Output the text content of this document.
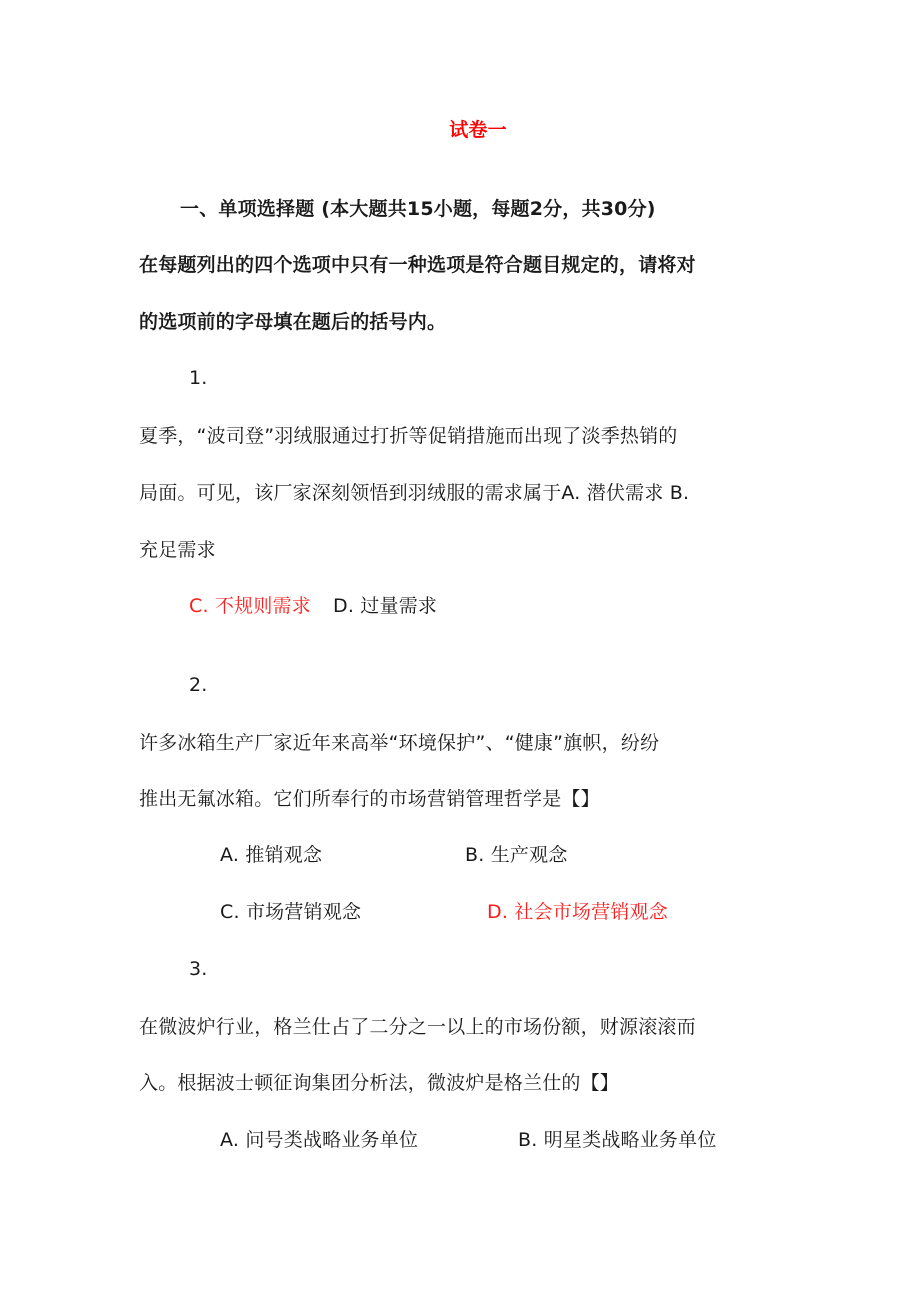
试卷一
一、单项选择题 (本大题共15小题，每题2分，共30分)
在每题列出的四个选项中只有一种选项是符合题目规定的，请将对
的选项前的字母填在题后的括号内。
1.
夏季，“波司登”羽绒服通过打折等促销措施而出现了淡季热销的
局面。可见，该厂家深刻领悟到羽绒服的需求属于A. 潜伏需求 B.
充足需求
C. 不规则需求 D. 过量需求
2.
许多冰箱生产厂家近年来高举“环境保护”、“健康”旗帜，纷纷
推出无氟冰箱。它们所奉行的市场营销管理哲学是【】
A. 推销观念	B. 生产观念
C. 市场营销观念	D. 社会市场营销观念
3.
在微波炉行业，格兰仕占了二分之一以上的市场份额，财源滚滚而
入。根据波士顿征询集团分析法，微波炉是格兰仕的【】
A. 问号类战略业务单位	B. 明星类战略业务单位
